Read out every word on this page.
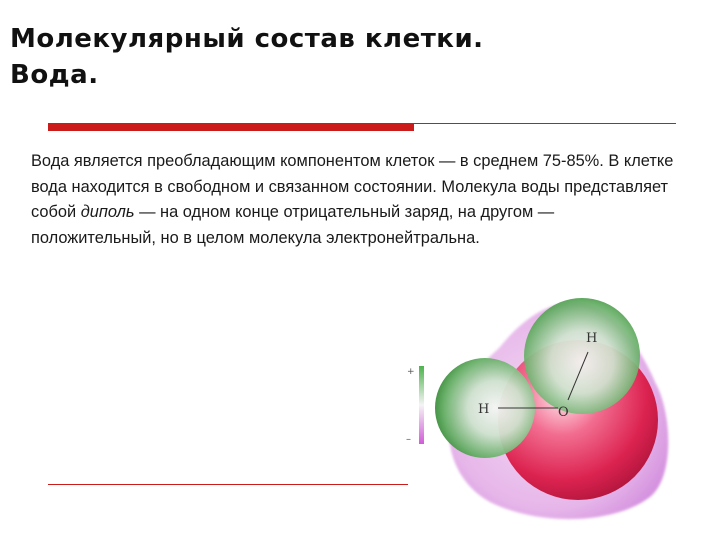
Молекулярный состав клетки.
Вода.

Вода является преобладающим компонентом клеток — в среднем 75-85%. В клетке вода находится в свободном и связанном состоянии. Молекула воды представляет собой диполь — на одном конце отрицательный заряд, на другом — положительный, но в целом молекула электронейтральна.

+
–
H
H	O
